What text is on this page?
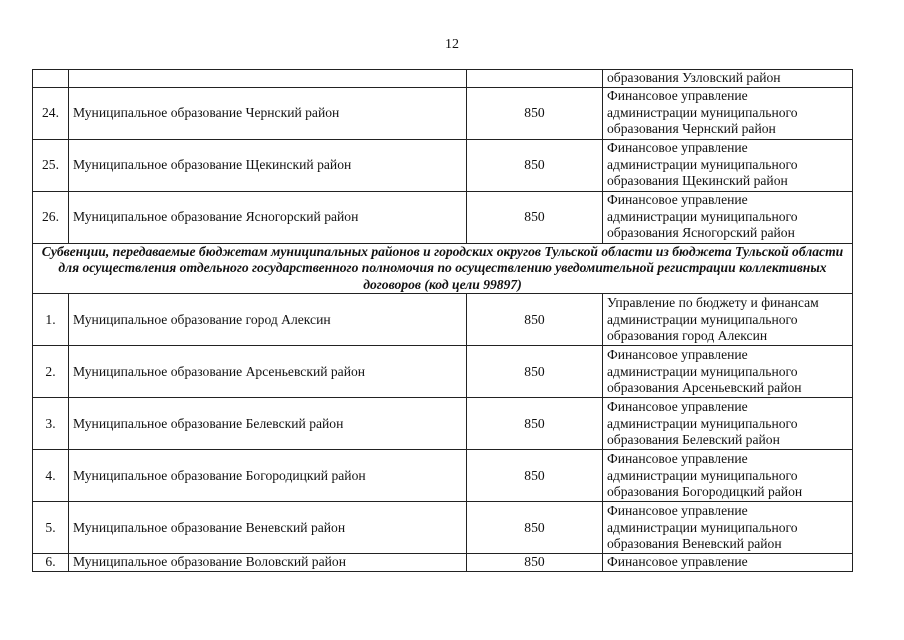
12
			образования Узловский район
24.	Муниципальное образование Чернский район	850	Финансовое управление
администрации муниципального
образования Чернский район
25.	Муниципальное образование Щекинский район	850	Финансовое управление
администрации муниципального
образования Щекинский район
26.	Муниципальное образование Ясногорский район	850	Финансовое управление
администрации муниципального
образования Ясногорский район
Субвенции, передаваемые бюджетам муниципальных районов и городских округов Тульской области из бюджета Тульской области для осуществления отдельного государственного полномочия по осуществлению уведомительной регистрации коллективных договоров (код цели 99897)			
1.	Муниципальное образование город Алексин	850	Управление по бюджету и финансам
администрации муниципального
образования город Алексин
2.	Муниципальное образование Арсеньевский район	850	Финансовое управление
администрации муниципального
образования Арсеньевский район
3.	Муниципальное образование Белевский район	850	Финансовое управление
администрации муниципального
образования Белевский район
4.	Муниципальное образование Богородицкий район	850	Финансовое управление
администрации муниципального
образования Богородицкий район
5.	Муниципальное образование Веневский район	850	Финансовое управление
администрации муниципального
образования Веневский район
6.	Муниципальное образование Воловский район	850	Финансовое управление
